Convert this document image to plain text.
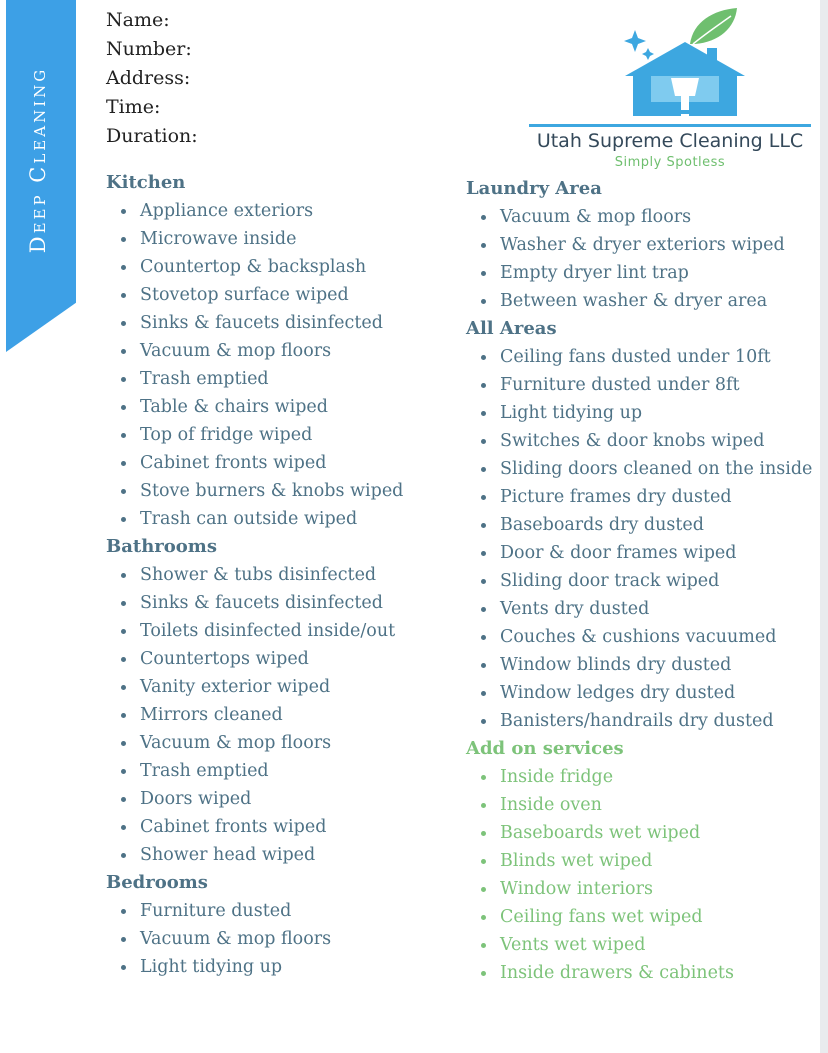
Deep Cleaning
Name:
Number:
Address:
Time:
Duration:	Utah Supreme Cleaning LLC
Simply Spotless
Kitchen
Appliance exteriors
Microwave inside
Countertop & backsplash
Stovetop surface wiped
Sinks & faucets disinfected
Vacuum & mop floors
Trash emptied
Table & chairs wiped
Top of fridge wiped
Cabinet fronts wiped
Stove burners & knobs wiped
Trash can outside wiped
Bathrooms
Shower & tubs disinfected
Sinks & faucets disinfected
Toilets disinfected inside/out
Countertops wiped
Vanity exterior wiped
Mirrors cleaned
Vacuum & mop floors
Trash emptied
Doors wiped
Cabinet fronts wiped
Shower head wiped
Bedrooms
Furniture dusted
Vacuum & mop floors
Light tidying up
Laundry Area
Vacuum & mop floors
Washer & dryer exteriors wiped
Empty dryer lint trap
Between washer & dryer area
All Areas
Ceiling fans dusted under 10ft
Furniture dusted under 8ft
Light tidying up
Switches & door knobs wiped
Sliding doors cleaned on the inside
Picture frames dry dusted
Baseboards dry dusted
Door & door frames wiped
Sliding door track wiped
Vents dry dusted
Couches & cushions vacuumed
Window blinds dry dusted
Window ledges dry dusted
Banisters/handrails dry dusted
Add on services
Inside fridge
Inside oven
Baseboards wet wiped
Blinds wet wiped
Window interiors
Ceiling fans wet wiped
Vents wet wiped
Inside drawers & cabinets
